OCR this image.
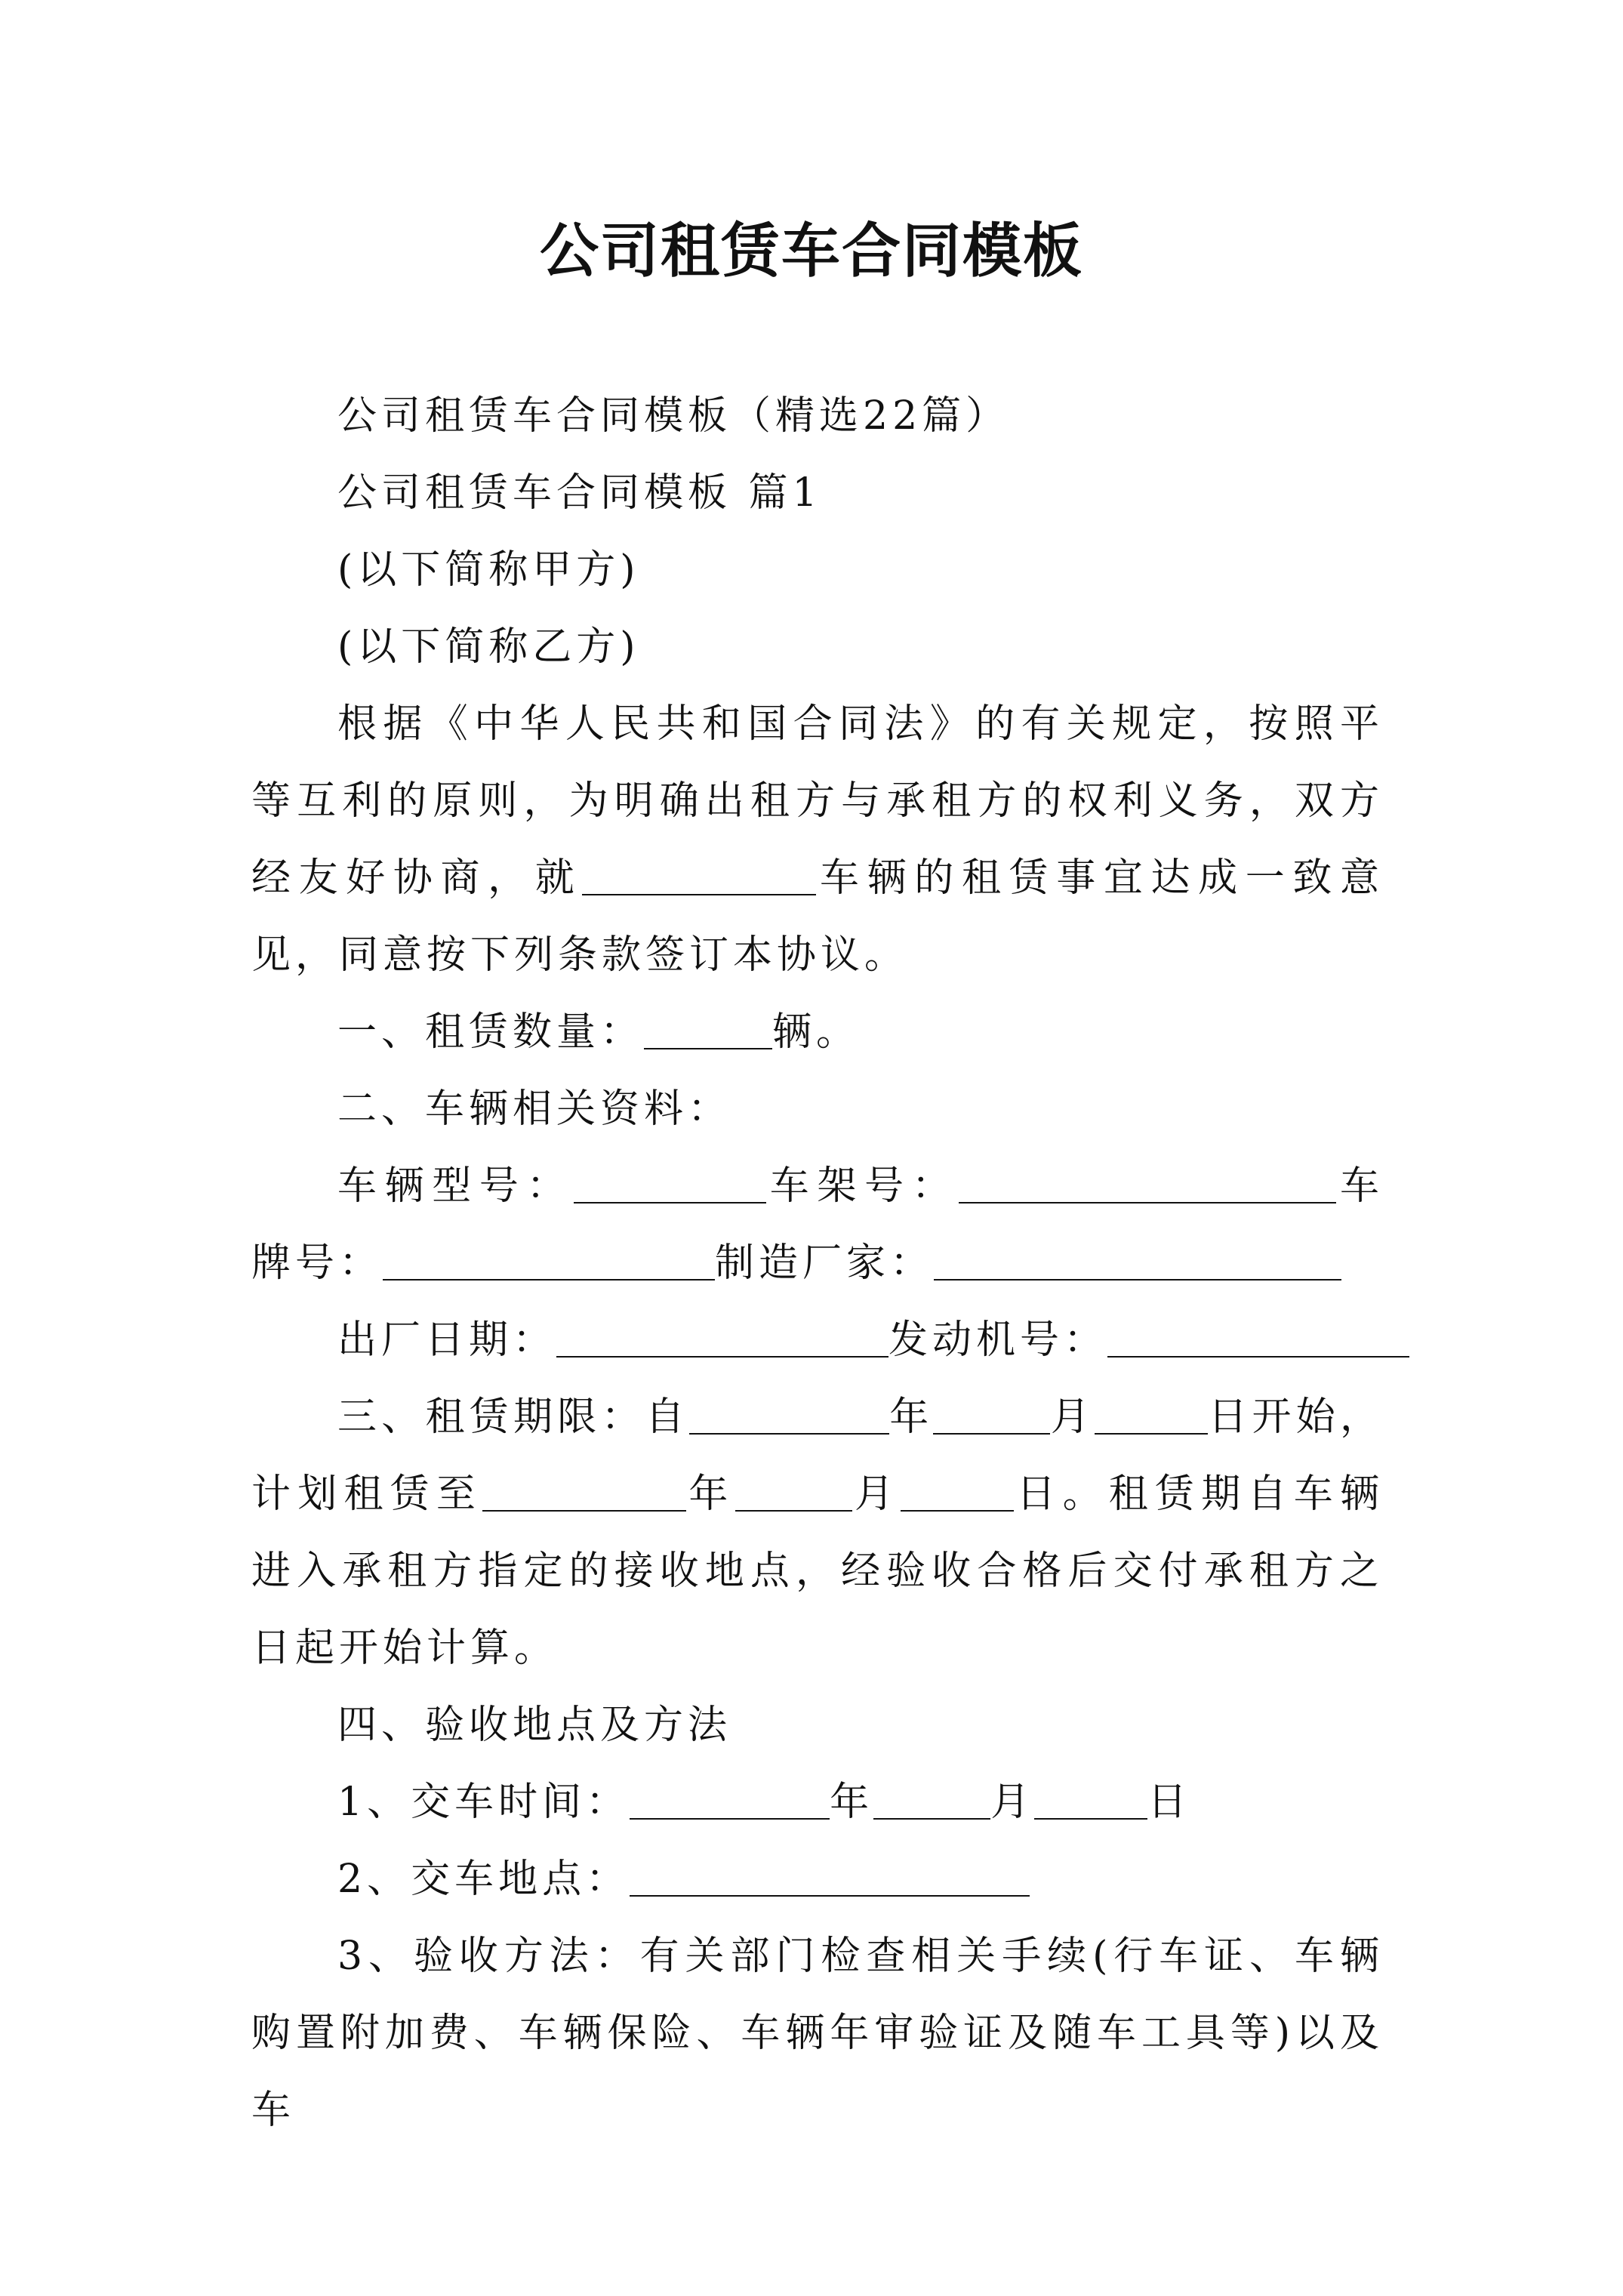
公司租赁车合同模板

公司租赁车合同模板（精选22篇）

公司租赁车合同模板 篇1

(以下简称甲方)

(以下简称乙方)

根据《中华人民共和国合同法》的有关规定，按照平等互利的原则，为明确出租方与承租方的权利义务，双方经友好协商，就	车辆的租赁事宜达成一致意见，同意按下列条款签订本协议。

一、租赁数量：	辆。

二、车辆相关资料：

车辆型号：	车架号：	车牌号：	制造厂家：

出厂日期：	发动机号：

三、租赁期限：自	年	月	日开始，计划租赁至	年	月	日。租赁期自车辆进入承租方指定的接收地点，经验收合格后交付承租方之日起开始计算。

四、验收地点及方法

1、交车时间：	年	月	日

2、交车地点：

3、验收方法：有关部门检查相关手续(行车证、车辆购置附加费、车辆保险、车辆年审验证及随车工具等)以及车
